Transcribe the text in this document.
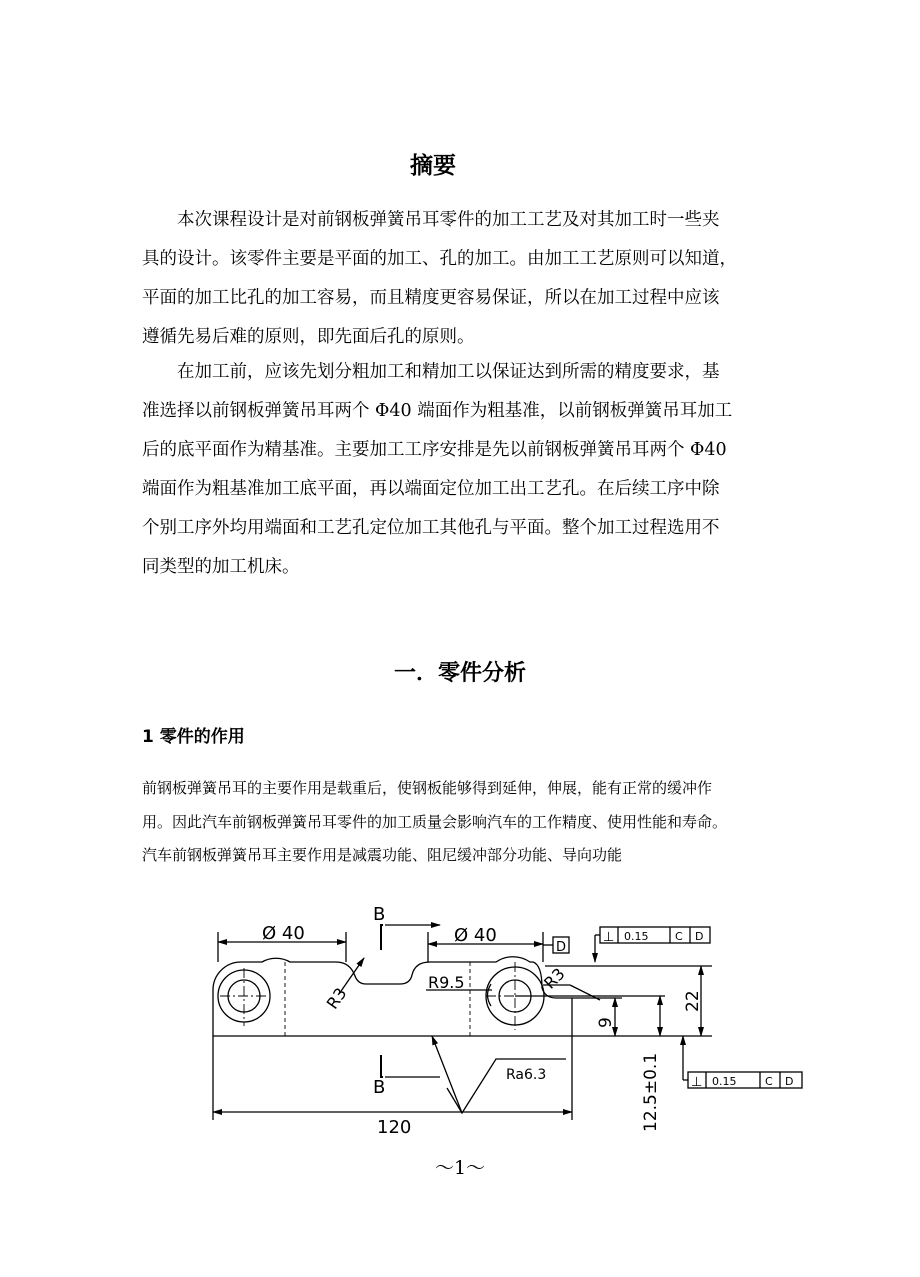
摘要
本次课程设计是对前钢板弹簧吊耳零件的加工工艺及对其加工时一些夹
具的设计。该零件主要是平面的加工、孔的加工。由加工工艺原则可以知道，
平面的加工比孔的加工容易，而且精度更容易保证，所以在加工过程中应该
遵循先易后难的原则，即先面后孔的原则。
在加工前，应该先划分粗加工和精加工以保证达到所需的精度要求，基
准选择以前钢板弹簧吊耳两个 Φ40 端面作为粗基准，以前钢板弹簧吊耳加工
后的底平面作为精基准。主要加工工序安排是先以前钢板弹簧吊耳两个 Φ40
端面作为粗基准加工底平面，再以端面定位加工出工艺孔。在后续工序中除
个别工序外均用端面和工艺孔定位加工其他孔与平面。整个加工过程选用不
同类型的加工机床。
一．零件分析
1 零件的作用
前钢板弹簧吊耳的主要作用是载重后，使钢板能够得到延伸，伸展，能有正常的缓冲作
用。因此汽车前钢板弹簧吊耳零件的加工质量会影响汽车的工作精度、使用性能和寿命。
汽车前钢板弹簧吊耳主要作用是减震功能、阻尼缓冲部分功能、导向功能
Ø 40	Ø 40
B
B
D
R3
R9.5	R3
⊥ 0.15 C D
⊥ 0.15	C D
22
9
12.5±0.1
120
Ra6.3
～1～
